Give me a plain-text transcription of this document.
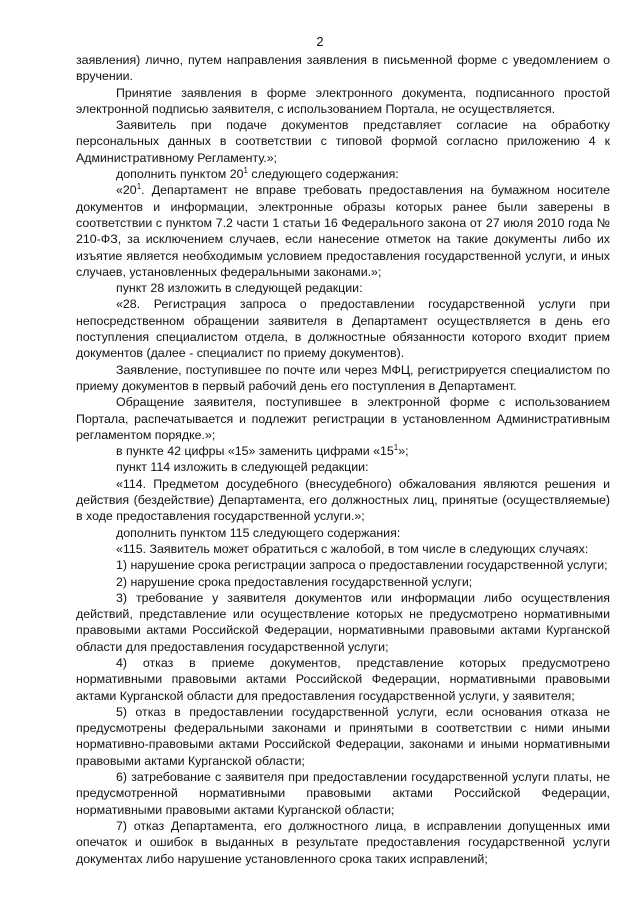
2

заявления) лично, путем направления заявления в письменной форме с уведомлением о вручении.

Принятие заявления в форме электронного документа, подписанного простой электронной подписью заявителя, с использованием Портала, не осуществляется.

Заявитель при подаче документов представляет согласие на обработку персональных данных в соответствии с типовой формой согласно приложению 4 к Административному Регламенту.»;

дополнить пунктом $20^1$ следующего содержания:

«$20^1$. Департамент не вправе требовать предоставления на бумажном носителе документов и информации, электронные образы которых ранее были заверены в соответствии с пунктом 7.2 части 1 статьи 16 Федерального закона от 27 июля 2010 года № 210-ФЗ, за исключением случаев, если нанесение отметок на такие документы либо их изъятие является необходимым условием предоставления государственной услуги, и иных случаев, установленных федеральными законами.»;

пункт 28 изложить в следующей редакции:

«28. Регистрация запроса о предоставлении государственной услуги при непосредственном обращении заявителя в Департамент осуществляется в день его поступления специалистом отдела, в должностные обязанности которого входит прием документов (далее - специалист по приему документов).

Заявление, поступившее по почте или через МФЦ, регистрируется специалистом по приему документов в первый рабочий день его поступления в Департамент.

Обращение заявителя, поступившее в электронной форме с использованием Портала, распечатывается и подлежит регистрации в установленном Административным регламентом порядке.»;

в пункте 42 цифры «15» заменить цифрами «$15^1$»;

пункт 114 изложить в следующей редакции:

«114. Предметом досудебного (внесудебного) обжалования являются решения и действия (бездействие) Департамента, его должностных лиц, принятые (осуществляемые) в ходе предоставления государственной услуги.»;

дополнить пунктом 115 следующего содержания:

«115. Заявитель может обратиться с жалобой, в том числе в следующих случаях:

1) нарушение срока регистрации запроса о предоставлении государственной услуги;

2) нарушение срока предоставления государственной услуги;

3) требование у заявителя документов или информации либо осуществления действий, представление или осуществление которых не предусмотрено нормативными правовыми актами Российской Федерации, нормативными правовыми актами Курганской области для предоставления государственной услуги;

4) отказ в приеме документов, представление которых предусмотрено нормативными правовыми актами Российской Федерации, нормативными правовыми актами Курганской области для предоставления государственной услуги, у заявителя;

5) отказ в предоставлении государственной услуги, если основания отказа не предусмотрены федеральными законами и принятыми в соответствии с ними иными нормативно-правовыми актами Российской Федерации, законами и иными нормативными правовыми актами Курганской области;

6) затребование с заявителя при предоставлении государственной услуги платы, не предусмотренной нормативными правовыми актами Российской Федерации, нормативными правовыми актами Курганской области;

7) отказ Департамента, его должностного лица, в исправлении допущенных ими опечаток и ошибок в выданных в результате предоставления государственной услуги документах либо нарушение установленного срока таких исправлений;
